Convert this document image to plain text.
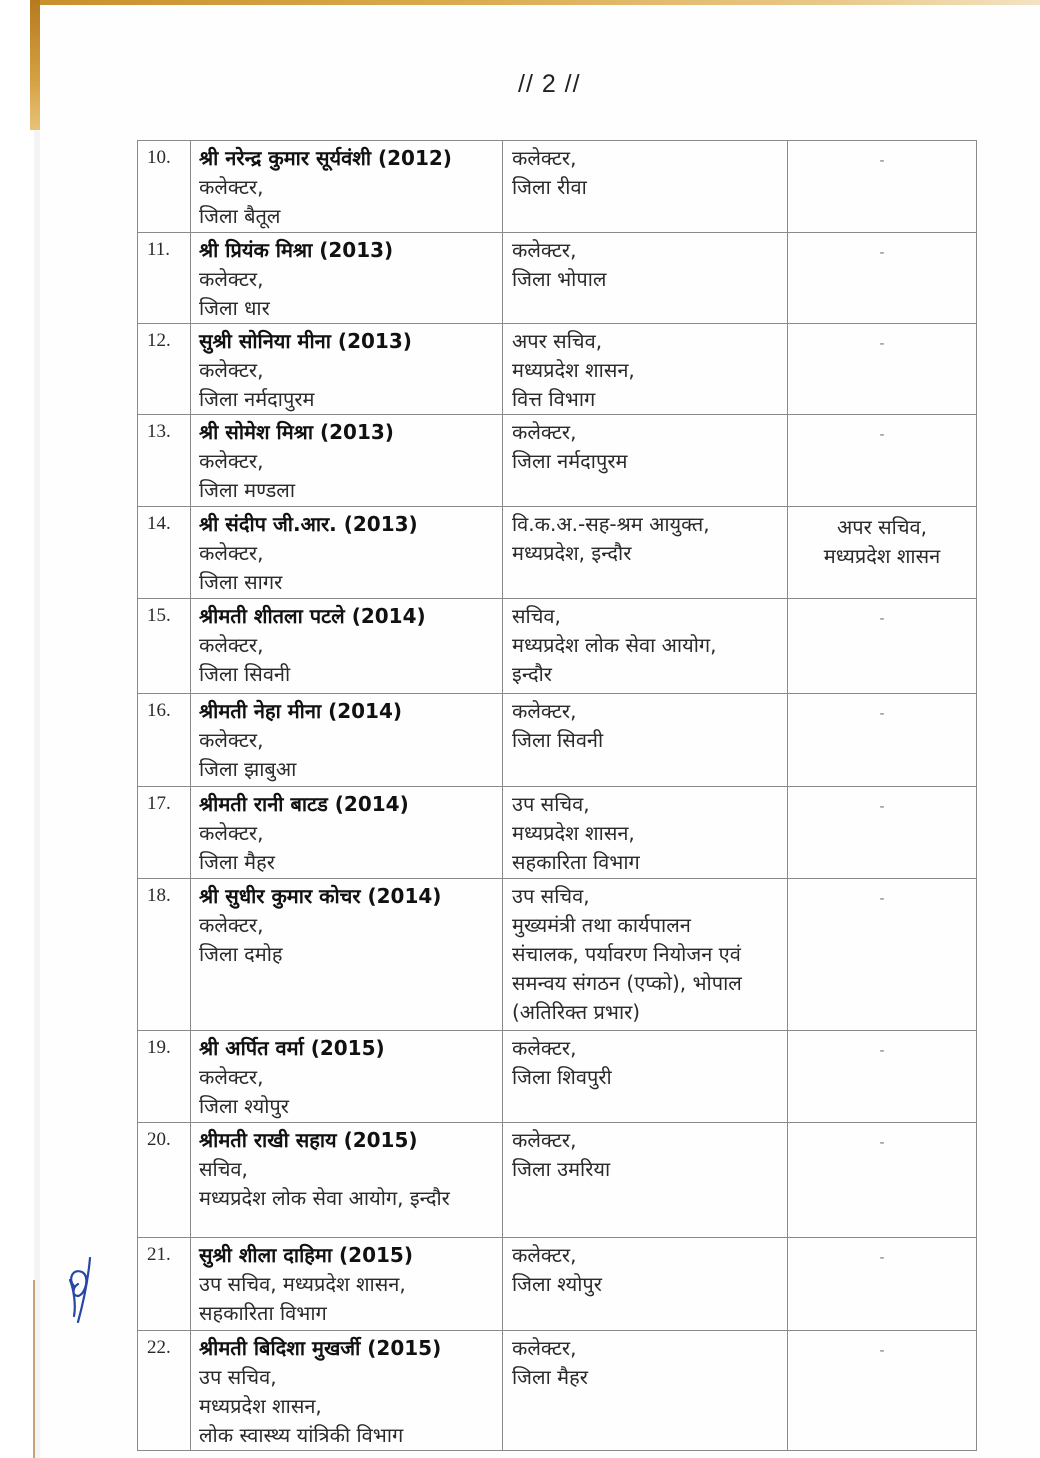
// 2 //
10.	श्री नरेन्द्र कुमार सूर्यवंशी (2012)
कलेक्टर,
जिला बैतूल	कलेक्टर,
जिला रीवा	-

11.	श्री प्रियंक मिश्रा (2013)
कलेक्टर,
जिला धार	कलेक्टर,
जिला भोपाल	-

12.	सुश्री सोनिया मीना (2013)
कलेक्टर,
जिला नर्मदापुरम	अपर सचिव,
मध्यप्रदेश शासन,
वित्त विभाग	-

13.	श्री सोमेश मिश्रा (2013)
कलेक्टर,
जिला मण्डला	कलेक्टर,
जिला नर्मदापुरम	-

14.	श्री संदीप जी.आर. (2013)
कलेक्टर,
जिला सागर	वि.क.अ.-सह-श्रम आयुक्त,
मध्यप्रदेश, इन्दौर	अपर सचिव,
मध्यप्रदेश शासन

15.	श्रीमती शीतला पटले (2014)
कलेक्टर,
जिला सिवनी	सचिव,
मध्यप्रदेश लोक सेवा आयोग,
इन्दौर	-

16.	श्रीमती नेहा मीना (2014)
कलेक्टर,
जिला झाबुआ	कलेक्टर,
जिला सिवनी	-

17.	श्रीमती रानी बाटड (2014)
कलेक्टर,
जिला मैहर	उप सचिव,
मध्यप्रदेश शासन,
सहकारिता विभाग	-

18.	श्री सुधीर कुमार कोचर (2014)
कलेक्टर,
जिला दमोह	उप सचिव,
मुख्यमंत्री तथा कार्यपालन
संचालक, पर्यावरण नियोजन एवं
समन्वय संगठन (एप्को), भोपाल
(अतिरिक्त प्रभार)	-

19.	श्री अर्पित वर्मा (2015)
कलेक्टर,
जिला श्योपुर	कलेक्टर,
जिला शिवपुरी	-

20.	श्रीमती राखी सहाय (2015)
सचिव,
मध्यप्रदेश लोक सेवा आयोग, इन्दौर	कलेक्टर,
जिला उमरिया	-

21.	सुश्री शीला दाहिमा (2015)
उप सचिव, मध्यप्रदेश शासन,
सहकारिता विभाग	कलेक्टर,
जिला श्योपुर	-

22.	श्रीमती बिदिशा मुखर्जी (2015)
उप सचिव,
मध्यप्रदेश शासन,
लोक स्वास्थ्य यांत्रिकी विभाग	कलेक्टर,
जिला मैहर	-
